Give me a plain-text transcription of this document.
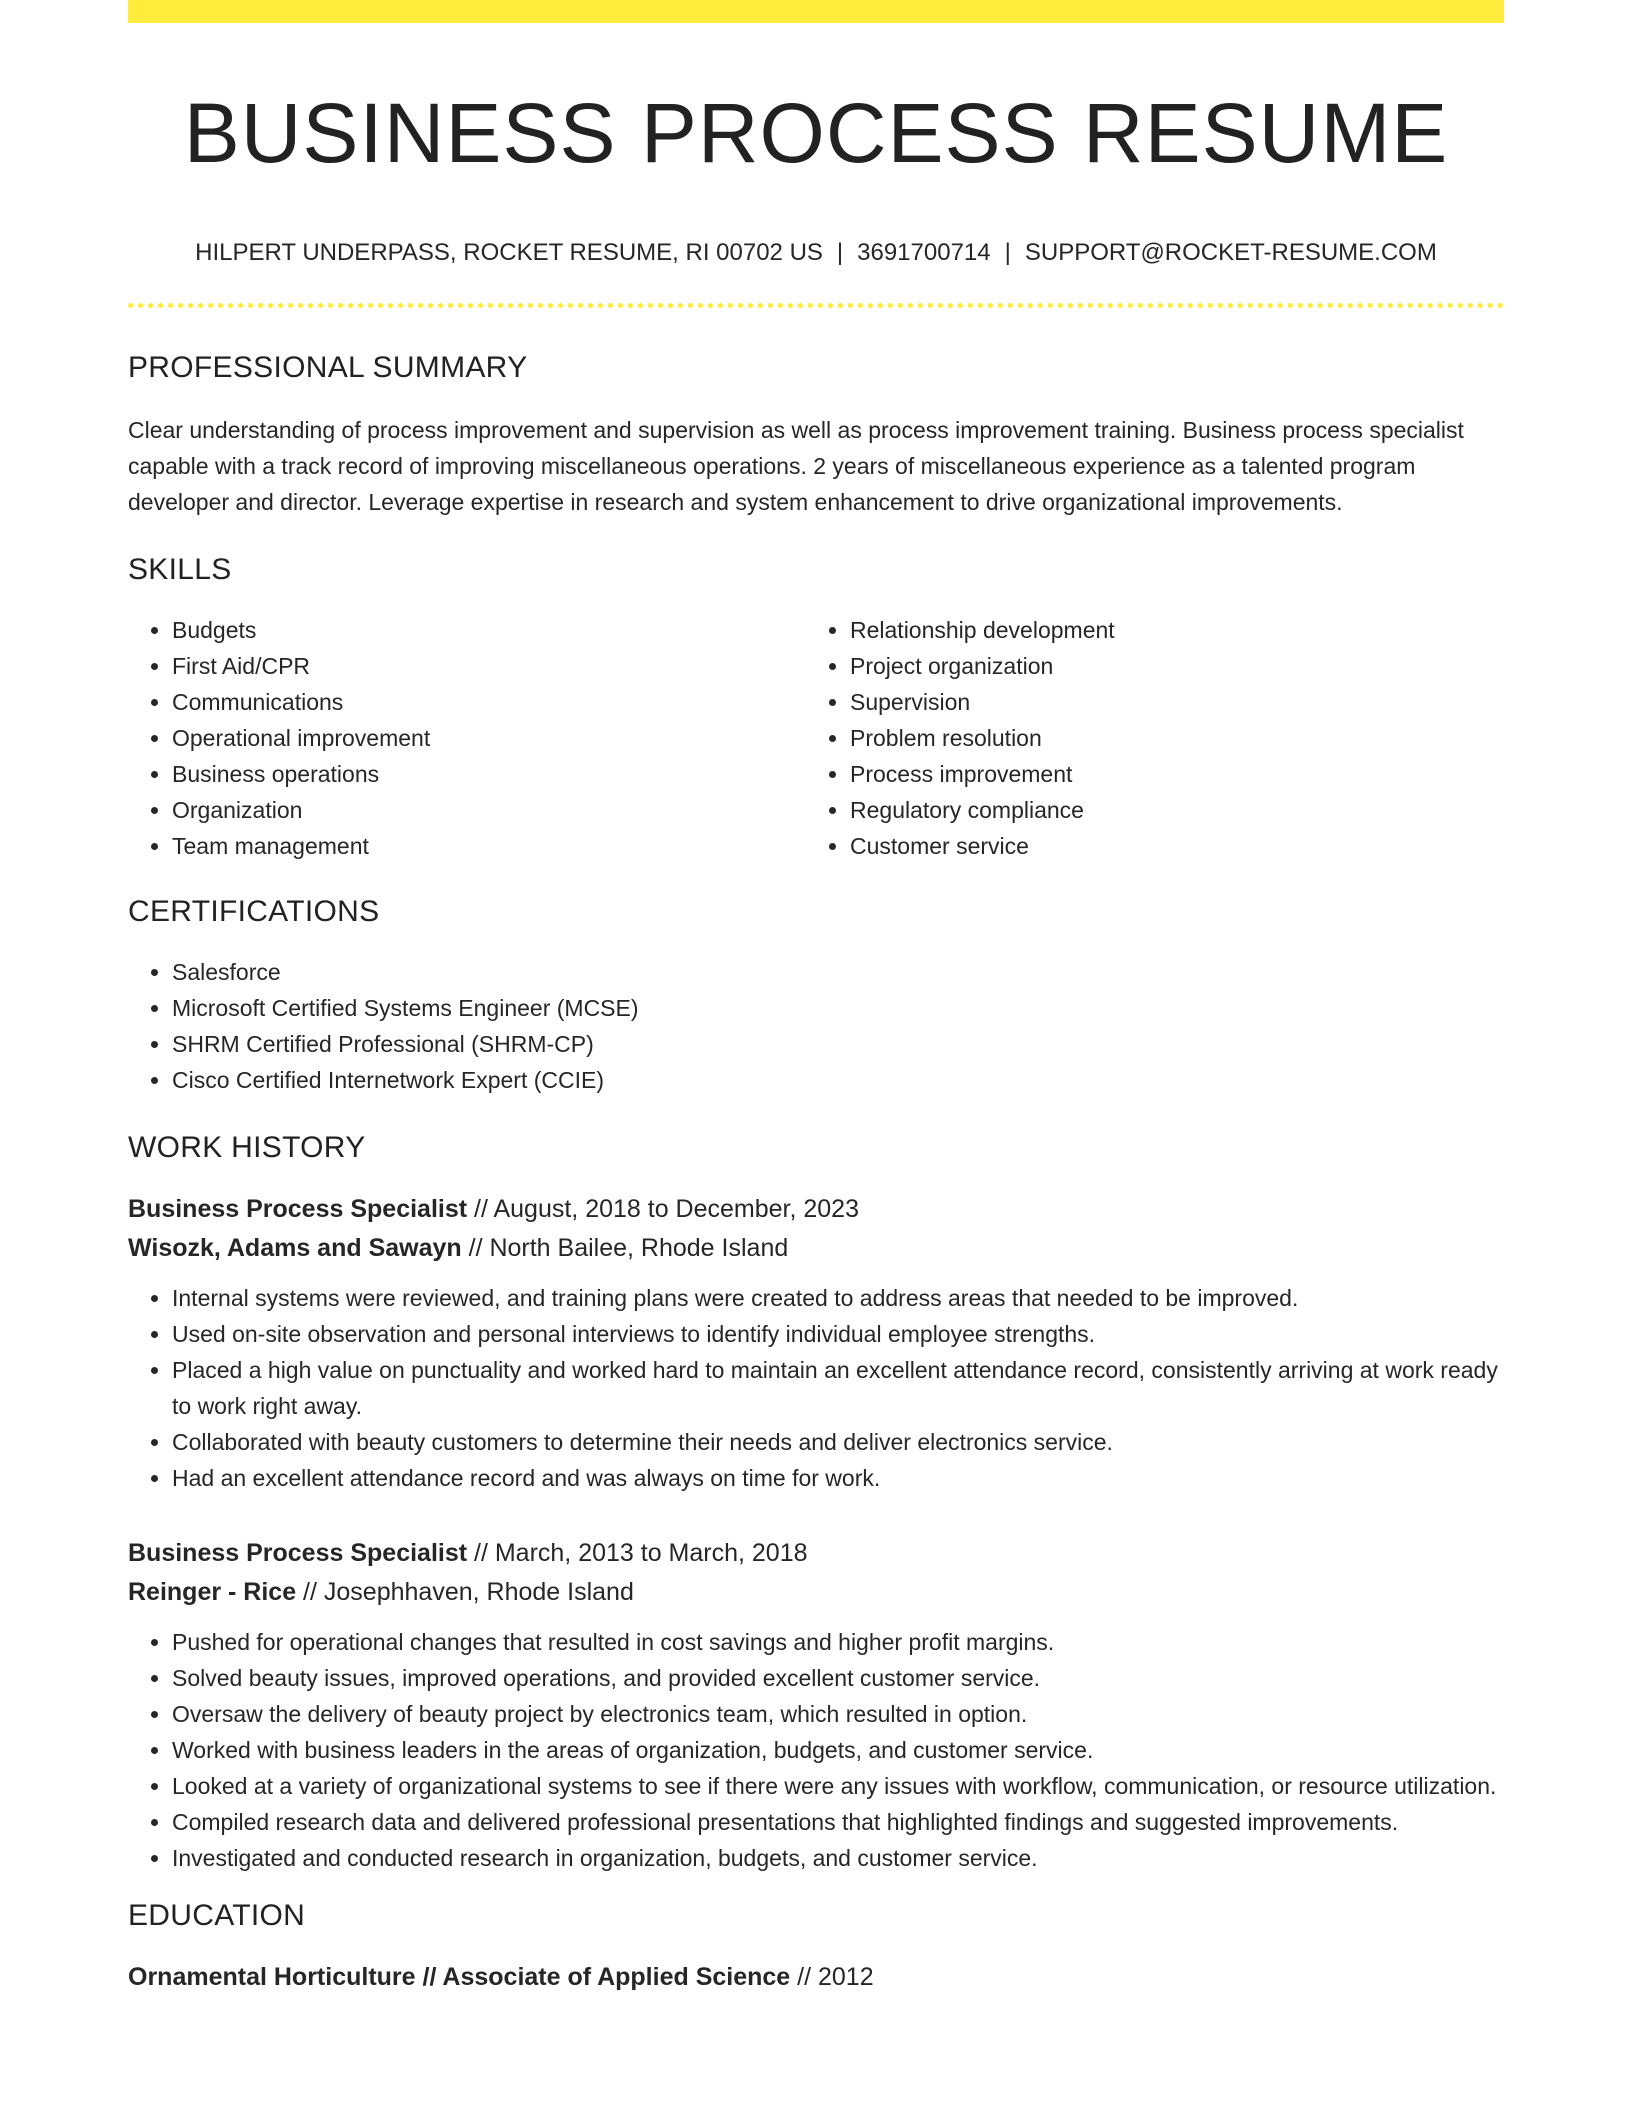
BUSINESS PROCESS RESUME
HILPERT UNDERPASS, ROCKET RESUME, RI 00702 US | 3691700714 | SUPPORT@ROCKET-RESUME.COM
PROFESSIONAL SUMMARY

Clear understanding of process improvement and supervision as well as process improvement training. Business process specialist capable with a track record of improving miscellaneous operations. 2 years of miscellaneous experience as a talented program developer and director. Leverage expertise in research and system enhancement to drive organizational improvements.

SKILLS
• Budgets
• First Aid/CPR
• Communications
• Operational improvement
• Business operations
• Organization
• Team management
• Relationship development
• Project organization
• Supervision
• Problem resolution
• Process improvement
• Regulatory compliance
• Customer service
CERTIFICATIONS
• Salesforce
• Microsoft Certified Systems Engineer (MCSE)
• SHRM Certified Professional (SHRM-CP)
• Cisco Certified Internetwork Expert (CCIE)
WORK HISTORY
Business Process Specialist // August, 2018 to December, 2023
Wisozk, Adams and Sawayn // North Bailee, Rhode Island
• Internal systems were reviewed, and training plans were created to address areas that needed to be improved.
• Used on-site observation and personal interviews to identify individual employee strengths.
• Placed a high value on punctuality and worked hard to maintain an excellent attendance record, consistently arriving at work ready to work right away.
• Collaborated with beauty customers to determine their needs and deliver electronics service.
• Had an excellent attendance record and was always on time for work.
Business Process Specialist // March, 2013 to March, 2018
Reinger - Rice // Josephhaven, Rhode Island
• Pushed for operational changes that resulted in cost savings and higher profit margins.
• Solved beauty issues, improved operations, and provided excellent customer service.
• Oversaw the delivery of beauty project by electronics team, which resulted in option.
• Worked with business leaders in the areas of organization, budgets, and customer service.
• Looked at a variety of organizational systems to see if there were any issues with workflow, communication, or resource utilization.
• Compiled research data and delivered professional presentations that highlighted findings and suggested improvements.
• Investigated and conducted research in organization, budgets, and customer service.
EDUCATION
Ornamental Horticulture // Associate of Applied Science // 2012
